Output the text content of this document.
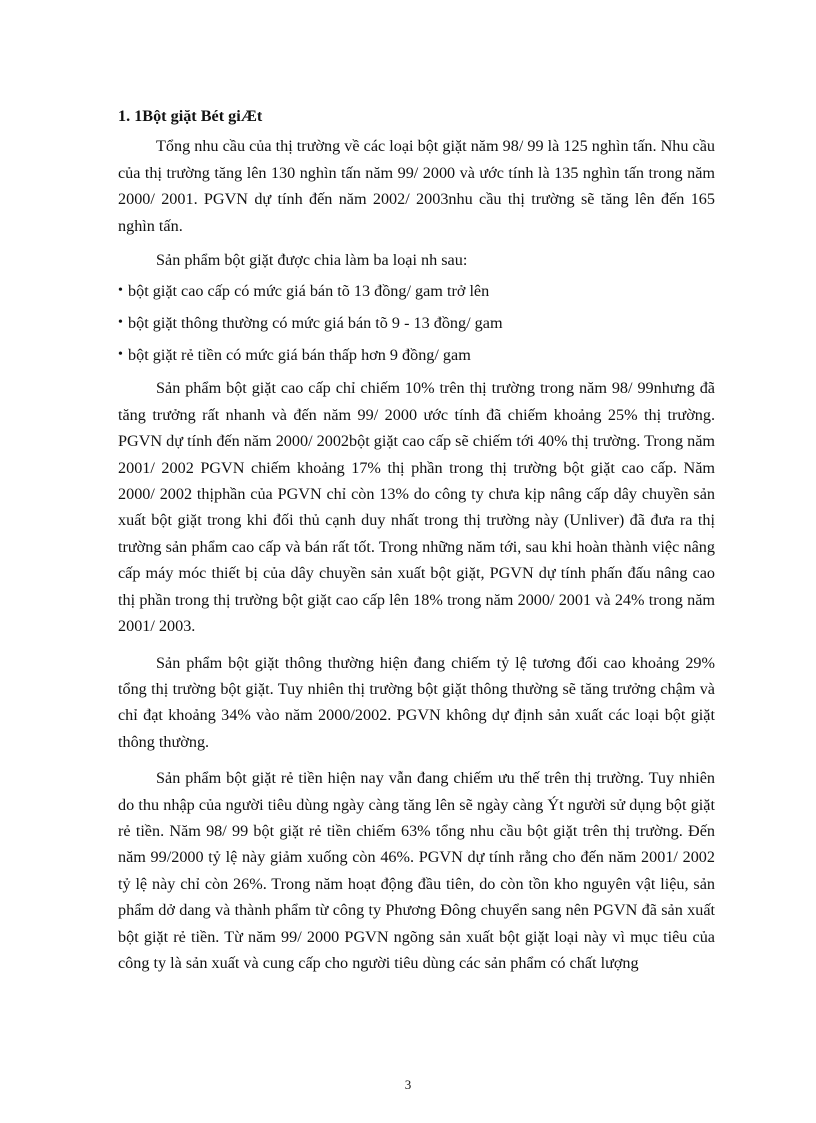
1. 1Bột giặt Bét giÆt

Tổng nhu cầu của thị trường về các loại bột giặt năm 98/ 99 là 125 nghìn tấn. Nhu cầu của thị trường tăng lên 130 nghìn tấn năm 99/ 2000 và ước tính là 135 nghìn tấn trong năm 2000/ 2001. PGVN dự tính đến năm 2002/ 2003nhu cầu thị trường sẽ tăng lên đến 165 nghìn tấn.

Sản phẩm bột giặt được chia làm ba loại nh sau:

• bột giặt cao cấp có mức giá bán tõ 13 đồng/ gam trở lên
• bột giặt thông thường có mức giá bán tõ 9 - 13 đồng/ gam
• bột giặt rẻ tiền có mức giá bán thấp hơn 9 đồng/ gam

Sản phẩm bột giặt cao cấp chỉ chiếm 10% trên thị trường trong năm 98/ 99nhưng đã tăng trưởng rất nhanh và đến năm 99/ 2000 ước tính đã chiếm khoảng 25% thị trường. PGVN dự tính đến năm 2000/ 2002bột giặt cao cấp sẽ chiếm tới 40% thị trường. Trong năm 2001/ 2002 PGVN chiếm khoảng 17% thị phần trong thị trường bột giặt cao cấp. Năm 2000/ 2002 thịphần của PGVN chỉ còn 13% do công ty chưa kịp nâng cấp dây chuyền sản xuất bột giặt trong khi đối thủ cạnh duy nhất trong thị trường này (Unliver) đã đưa ra thị trường sản phẩm cao cấp và bán rất tốt. Trong những năm tới, sau khi hoàn thành việc nâng cấp máy móc thiết bị của dây chuyền sản xuất bột giặt, PGVN dự tính phấn đấu nâng cao thị phần trong thị trường bột giặt cao cấp lên 18% trong năm 2000/ 2001 và 24% trong năm 2001/ 2003.

Sản phẩm bột giặt thông thường hiện đang chiếm tỷ lệ tương đối cao khoảng 29% tổng thị trường bột giặt. Tuy nhiên thị trường bột giặt thông thường sẽ tăng trưởng chậm và chỉ đạt khoảng 34% vào năm 2000/2002. PGVN không dự định sản xuất các loại bột giặt thông thường.

Sản phẩm bột giặt rẻ tiền hiện nay vẫn đang chiếm ưu thế trên thị trường. Tuy nhiên do thu nhập của người tiêu dùng ngày càng tăng lên sẽ ngày càng Ýt người sử dụng bột giặt rẻ tiền. Năm 98/ 99 bột giặt rẻ tiền chiếm 63% tổng nhu cầu bột giặt trên thị trường. Đến năm 99/2000 tỷ lệ này giảm xuống còn 46%. PGVN dự tính rằng cho đến năm 2001/ 2002 tỷ lệ này chỉ còn 26%. Trong năm hoạt động đầu tiên, do còn tồn kho nguyên vật liệu, sản phẩm dở dang và thành phẩm từ công ty Phương Đông chuyển sang nên PGVN đã sản xuất bột giặt rẻ tiền. Từ năm 99/ 2000 PGVN ngõng sản xuất bột giặt loại này vì mục tiêu của công ty là sản xuất và cung cấp cho người tiêu dùng các sản phẩm có chất lượng

3
